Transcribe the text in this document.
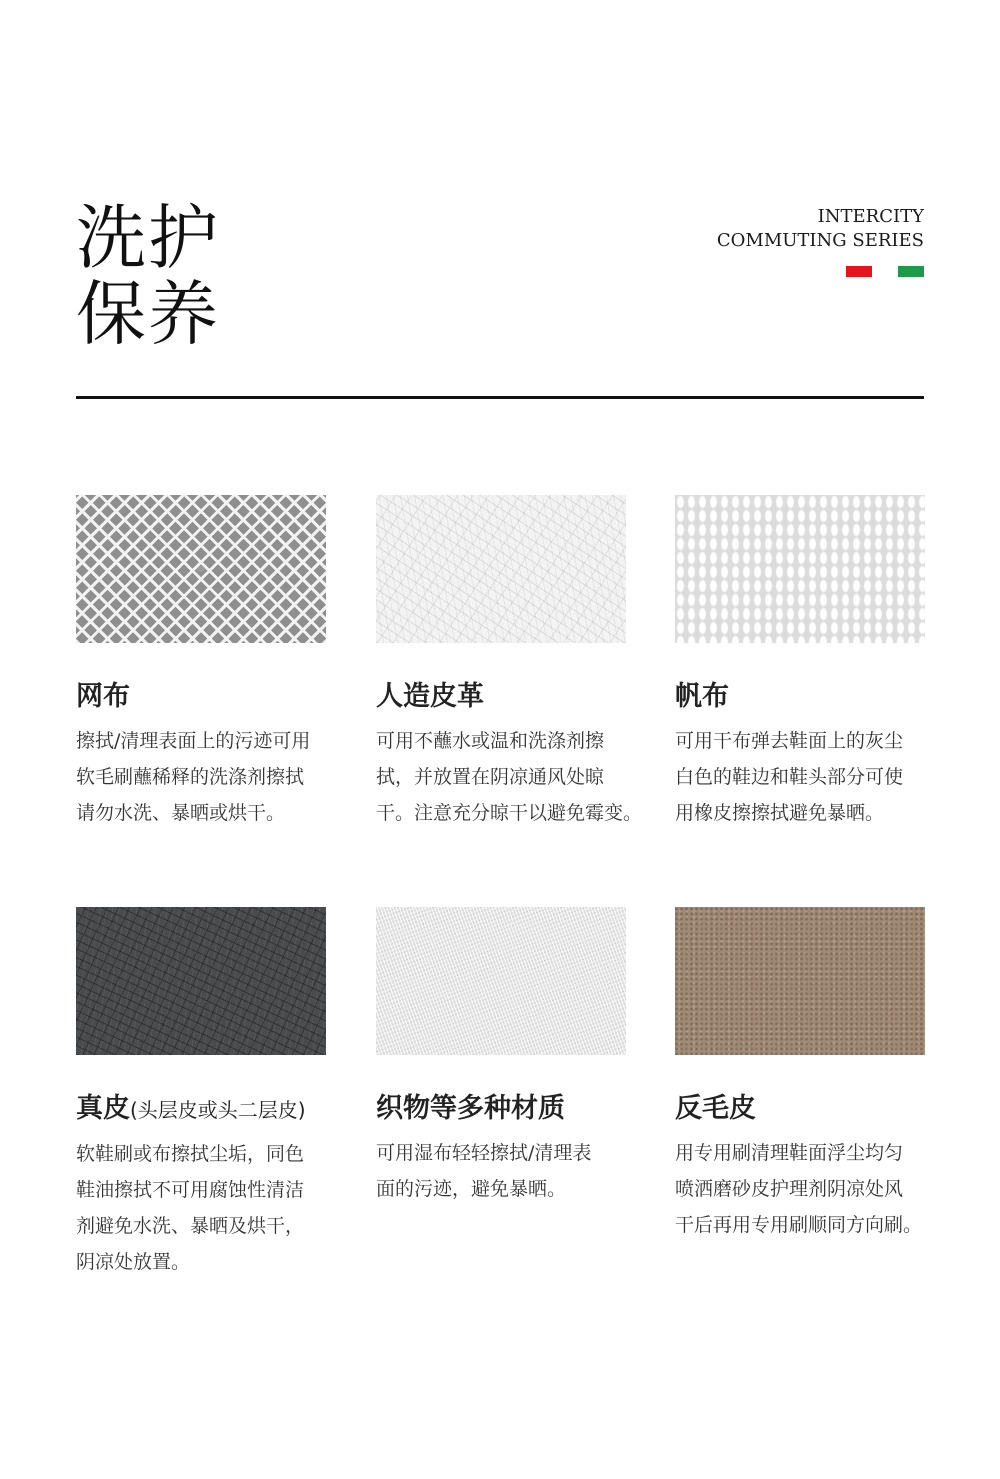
洗护
保养
INTERCITY
COMMUTING SERIES
网布
擦拭/清理表面上的污迹可用
软毛刷蘸稀释的洗涤剂擦拭
请勿水洗、暴晒或烘干。
人造皮革
可用不蘸水或温和洗涤剂擦
拭，并放置在阴凉通风处晾
干。注意充分晾干以避免霉变。
帆布
可用干布弹去鞋面上的灰尘
白色的鞋边和鞋头部分可使
用橡皮擦擦拭避免暴晒。
真皮(头层皮或头二层皮)
软鞋刷或布擦拭尘垢，同色
鞋油擦拭不可用腐蚀性清洁
剂避免水洗、暴晒及烘干，
阴凉处放置。
织物等多种材质
可用湿布轻轻擦拭/清理表
面的污迹，避免暴晒。
反毛皮
用专用刷清理鞋面浮尘均匀
喷洒磨砂皮护理剂阴凉处风
干后再用专用刷顺同方向刷。
